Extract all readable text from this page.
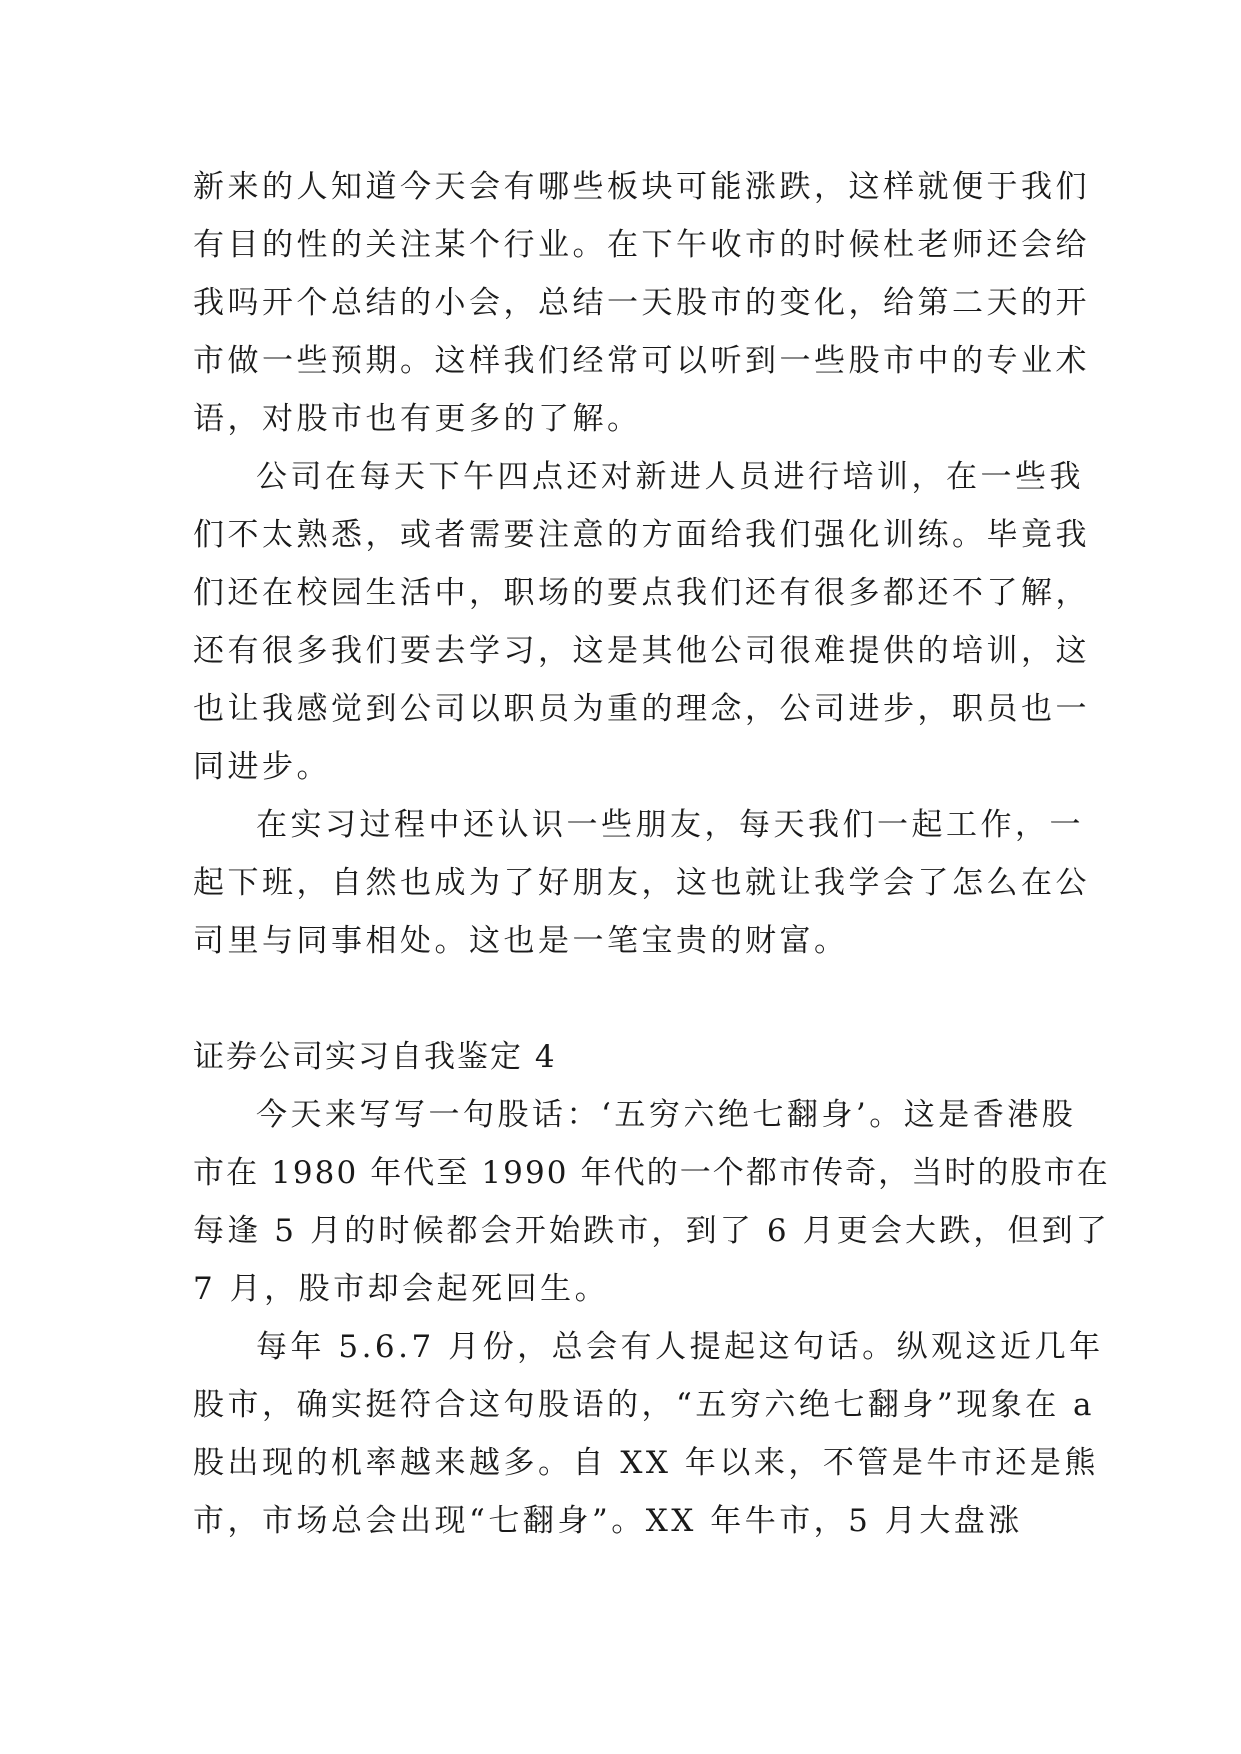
新来的人知道今天会有哪些板块可能涨跌，这样就便于我们
有目的性的关注某个行业。在下午收市的时候杜老师还会给
我吗开个总结的小会，总结一天股市的变化，给第二天的开
市做一些预期。这样我们经常可以听到一些股市中的专业术
语，对股市也有更多的了解。
公司在每天下午四点还对新进人员进行培训，在一些我
们不太熟悉，或者需要注意的方面给我们强化训练。毕竟我
们还在校园生活中，职场的要点我们还有很多都还不了解，
还有很多我们要去学习，这是其他公司很难提供的培训，这
也让我感觉到公司以职员为重的理念，公司进步，职员也一
同进步。
在实习过程中还认识一些朋友，每天我们一起工作，一
起下班，自然也成为了好朋友，这也就让我学会了怎么在公
司里与同事相处。这也是一笔宝贵的财富。
证券公司实习自我鉴定 4
今天来写写一句股话：‘五穷六绝七翻身’。这是香港股
市在 1980 年代至 1990 年代的一个都市传奇，当时的股市在
每逢 5 月的时候都会开始跌市，到了 6 月更会大跌，但到了
7 月，股市却会起死回生。
每年 5.6.7 月份，总会有人提起这句话。纵观这近几年
股市，确实挺符合这句股语的，“五穷六绝七翻身”现象在 a
股出现的机率越来越多。自 XX 年以来，不管是牛市还是熊
市，市场总会出现“七翻身”。XX 年牛市，5 月大盘涨
